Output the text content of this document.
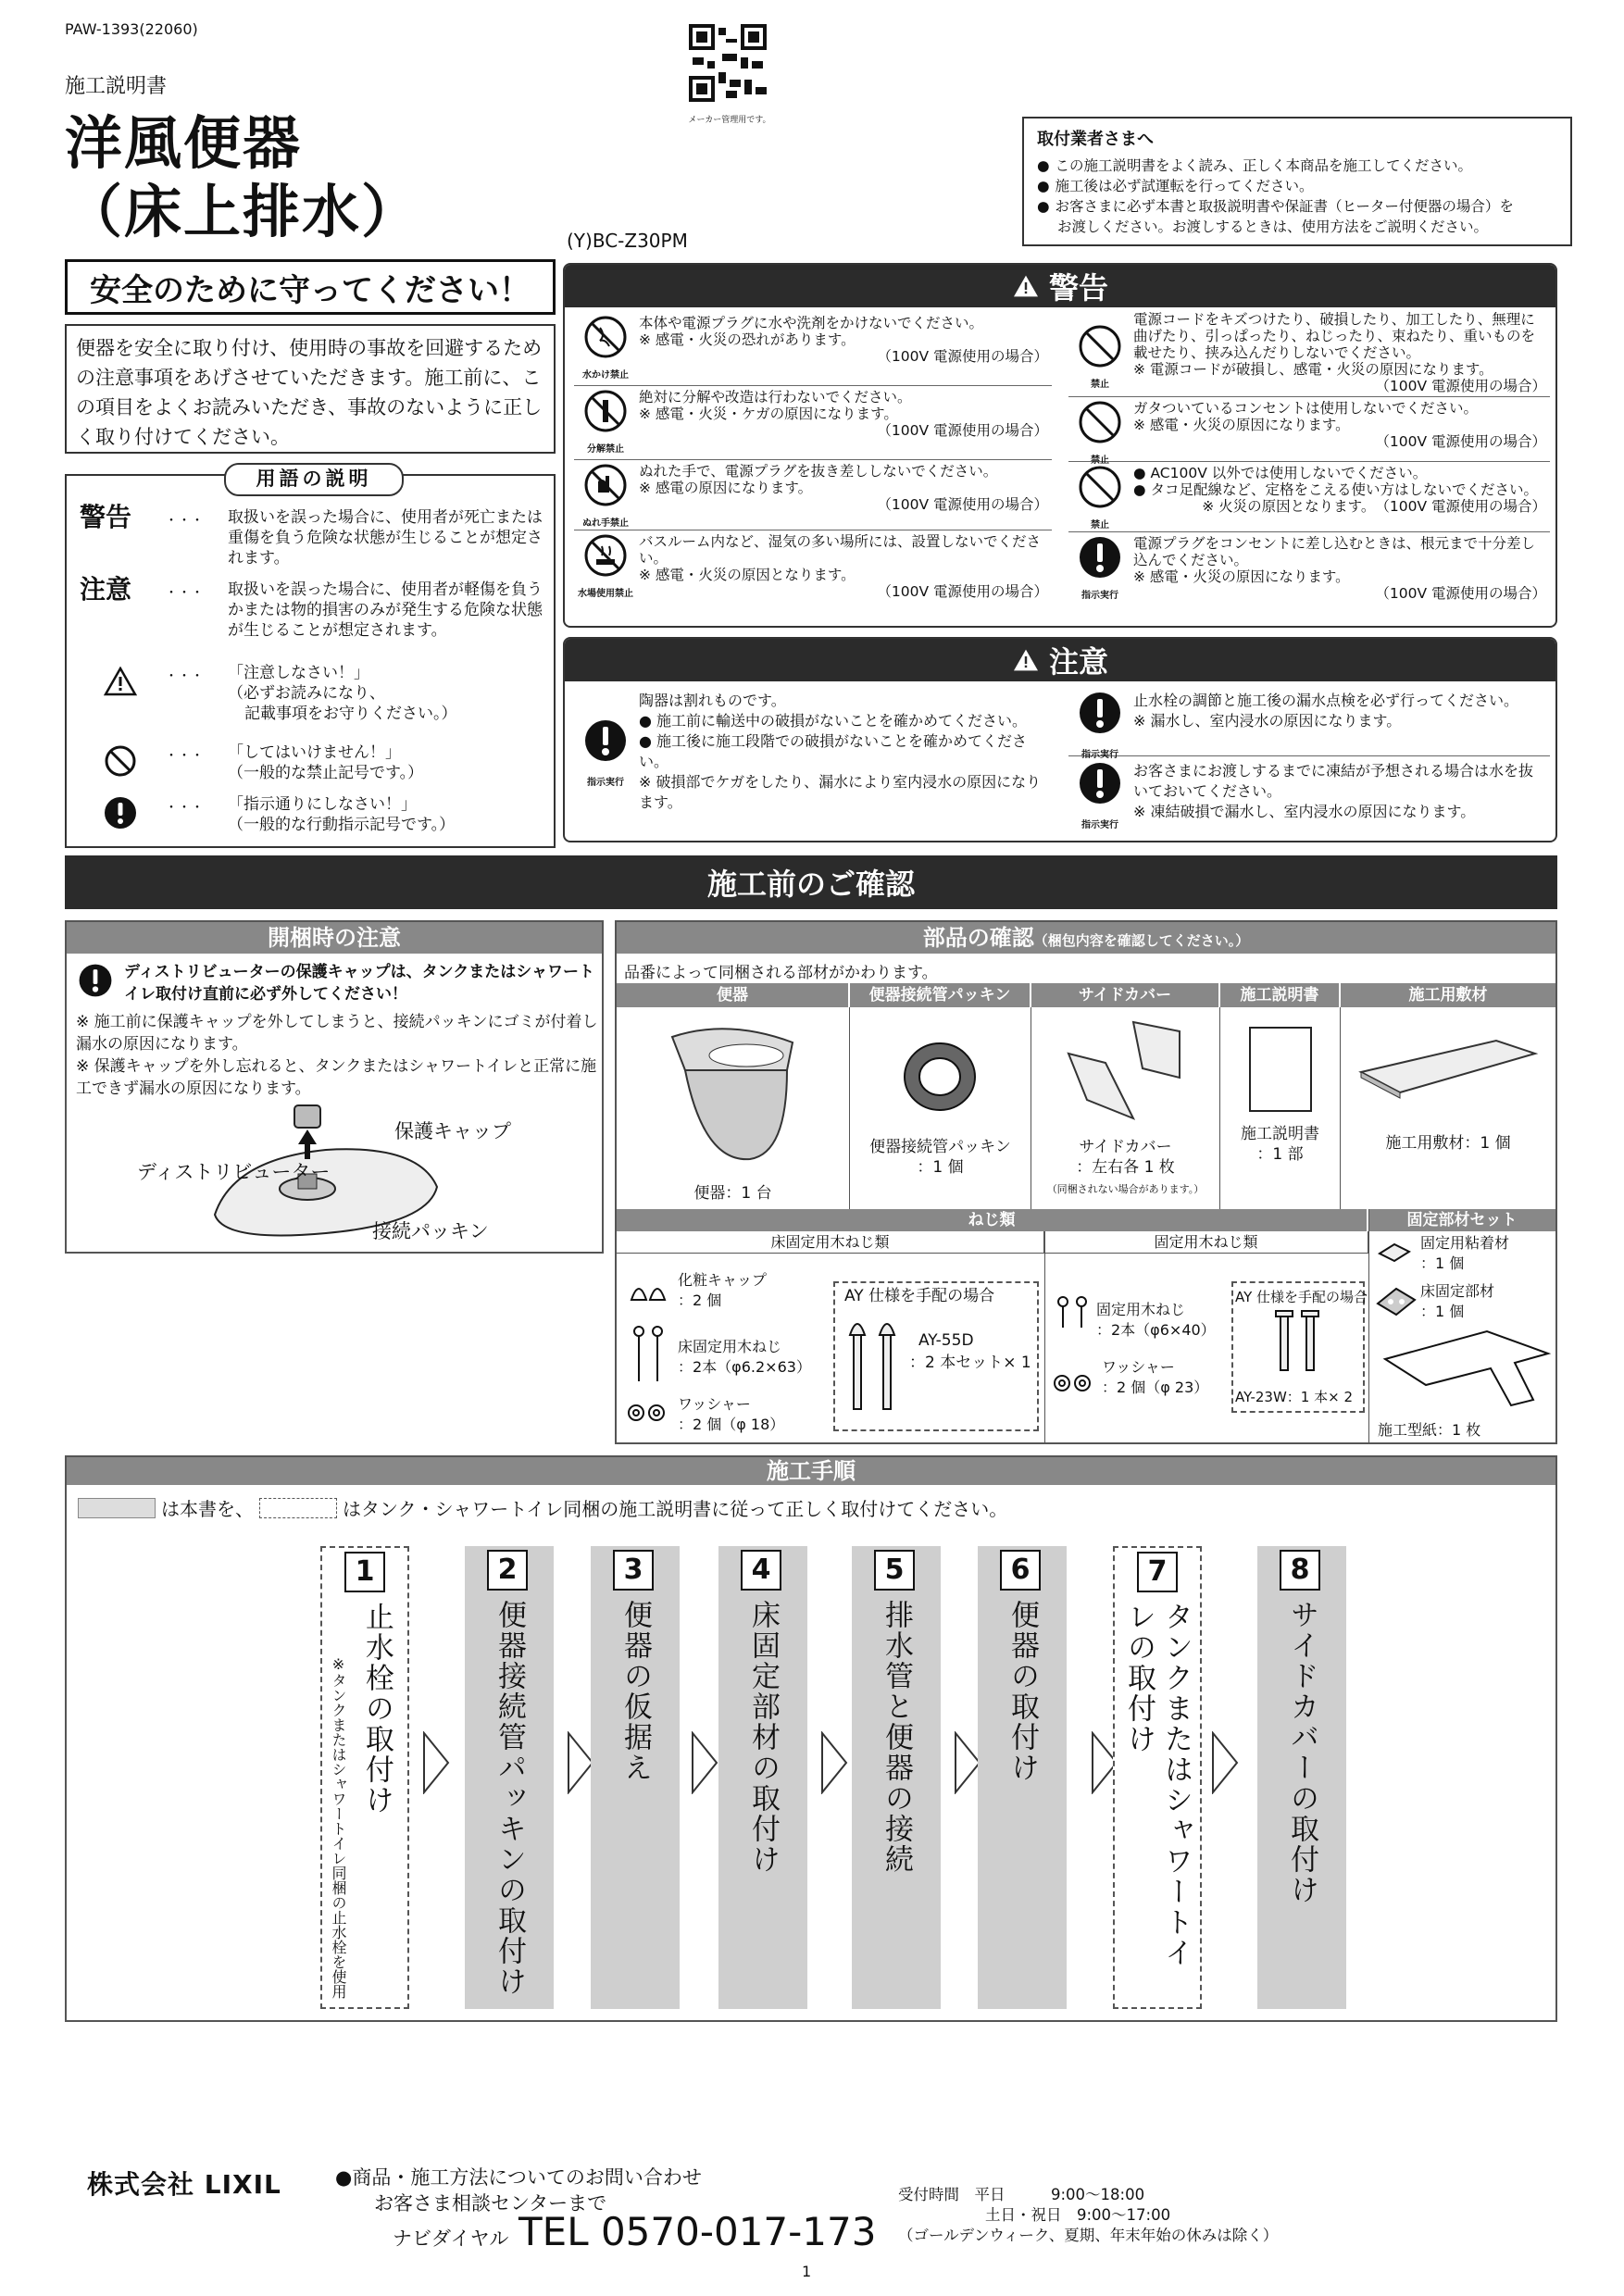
PAW-1393(22060)
施工説明書
洋風便器
（床上排水）	(Y)BC-Z30PM
メーカー管理用です。
取付業者さまへ
● この施工説明書をよく読み、正しく本商品を施工してください。
● 施工後は必ず試運転を行ってください。
● お客さまに必ず本書と取扱説明書や保証書（ヒーター付便器の場合）を
お渡しください。お渡しするときは、使用方法をご説明ください。
安全のために守ってください！
便器を安全に取り付け、使用時の事故を回避するための注意事項をあげさせていただきます。施工前に、この項目をよくお読みいただき、事故のないように正しく取り付けてください。
用語の説明
警告	・・・ 取扱いを誤った場合に、使用者が死亡または重傷を負う危険な状態が生じることが想定されます。
注意	・・・ 取扱いを誤った場合に、使用者が軽傷を負うかまたは物的損害のみが発生する危険な状態が生じることが想定されます。
・・・ 「注意しなさい！」
（必ずお読みになり、
記載事項をお守りください。）
・・・ 「してはいけません！」
（一般的な禁止記号です。）
・・・ 「指示通りにしなさい！」
（一般的な行動指示記号です。）
警告
水かけ禁止
本体や電源プラグに水や洗剤をかけないでください。
※ 感電・火災の恐れがあります。
（100V 電源使用の場合）
分解禁止
絶対に分解や改造は行わないでください。
※ 感電・火災・ケガの原因になります。
（100V 電源使用の場合）
ぬれ手禁止
ぬれた手で、電源プラグを抜き差ししないでください。
※ 感電の原因になります。
（100V 電源使用の場合）
水場使用禁止
バスルーム内など、湿気の多い場所には、設置しないでください。
※ 感電・火災の原因となります。
（100V 電源使用の場合）
禁止
電源コードをキズつけたり、破損したり、加工したり、無理に曲げたり、引っぱったり、ねじったり、束ねたり、重いものを載せたり、挟み込んだりしないでください。
※ 電源コードが破損し、感電・火災の原因になります。
（100V 電源使用の場合）
禁止
ガタついているコンセントは使用しないでください。
※ 感電・火災の原因になります。
（100V 電源使用の場合）
禁止
● AC100V 以外では使用しないでください。
● タコ足配線など、定格をこえる使い方はしないでください。
※ 火災の原因となります。　（100V 電源使用の場合）
指示実行
電源プラグをコンセントに差し込むときは、根元まで十分差し込んでください。
※ 感電・火災の原因になります。
（100V 電源使用の場合）
注意
指示実行
陶器は割れものです。
● 施工前に輸送中の破損がないことを確かめてください。
● 施工後に施工段階での破損がないことを確かめてください。
※ 破損部でケガをしたり、漏水により室内浸水の原因になります。
指示実行
止水栓の調節と施工後の漏水点検を必ず行ってください。
※ 漏水し、室内浸水の原因になります。
指示実行
お客さまにお渡しするまでに凍結が予想される場合は水を抜いておいてください。
※ 凍結破損で漏水し、室内浸水の原因になります。
施工前のご確認
開梱時の注意
ディストリビューターの保護キャップは、タンクまたはシャワートイレ取付け直前に必ず外してください！
※ 施工前に保護キャップを外してしまうと、接続パッキンにゴミが付着し漏水の原因になります。
※ 保護キャップを外し忘れると、タンクまたはシャワートイレと正常に施工できず漏水の原因になります。
保護キャップ
ディストリビューター
接続パッキン
部品の確認（梱包内容を確認してください。）
品番によって同梱される部材がかわります。
便器	便器接続管パッキン	サイドカバー	施工説明書	施工用敷材
便器：1 台
便器接続管パッキン
：1 個
サイドカバー
：左右各 1 枚
（同梱されない場合があります。）
施工説明書
：1 部
施工用敷材：1 個
ねじ類	固定部材セット
床固定用木ねじ類	固定用木ねじ類
化粧キャップ
：2 個
床固定用木ねじ
：2本（φ6.2×63）
ワッシャー
：2 個（φ 18）
AY 仕様を手配の場合
AY-55D
：2 本セット× 1
固定用木ねじ
：2本（φ6×40）
ワッシャー
：2 個（φ 23）
AY 仕様を手配の場合
AY-23W：1 本× 2
固定用粘着材
：1 個
床固定部材
：1 個
施工型紙：1 枚
施工手順
は本書を、	はタンク・シャワートイレ同梱の施工説明書に従って正しく取付けてください。
1
止水栓の取付け
※タンクまたはシャワートイレ同梱の止水栓を使用
2
便器接続管パッキンの取付け
3
便器の仮据え
4
床固定部材の取付け
5
排水管と便器の接続
6
便器の取付け
7
タンクまたはシャワートイレの取付け
8
サイドカバーの取付け
株式会社 LIXIL	●商品・施工方法についてのお問い合わせ
お客さま相談センターまで
ナビダイヤル TEL 0570-017-173
受付時間　 平日　　　9:00〜18:00
土日・祝日　9:00〜17:00
（ゴールデンウィーク、夏期、年末年始の休みは除く）
1
